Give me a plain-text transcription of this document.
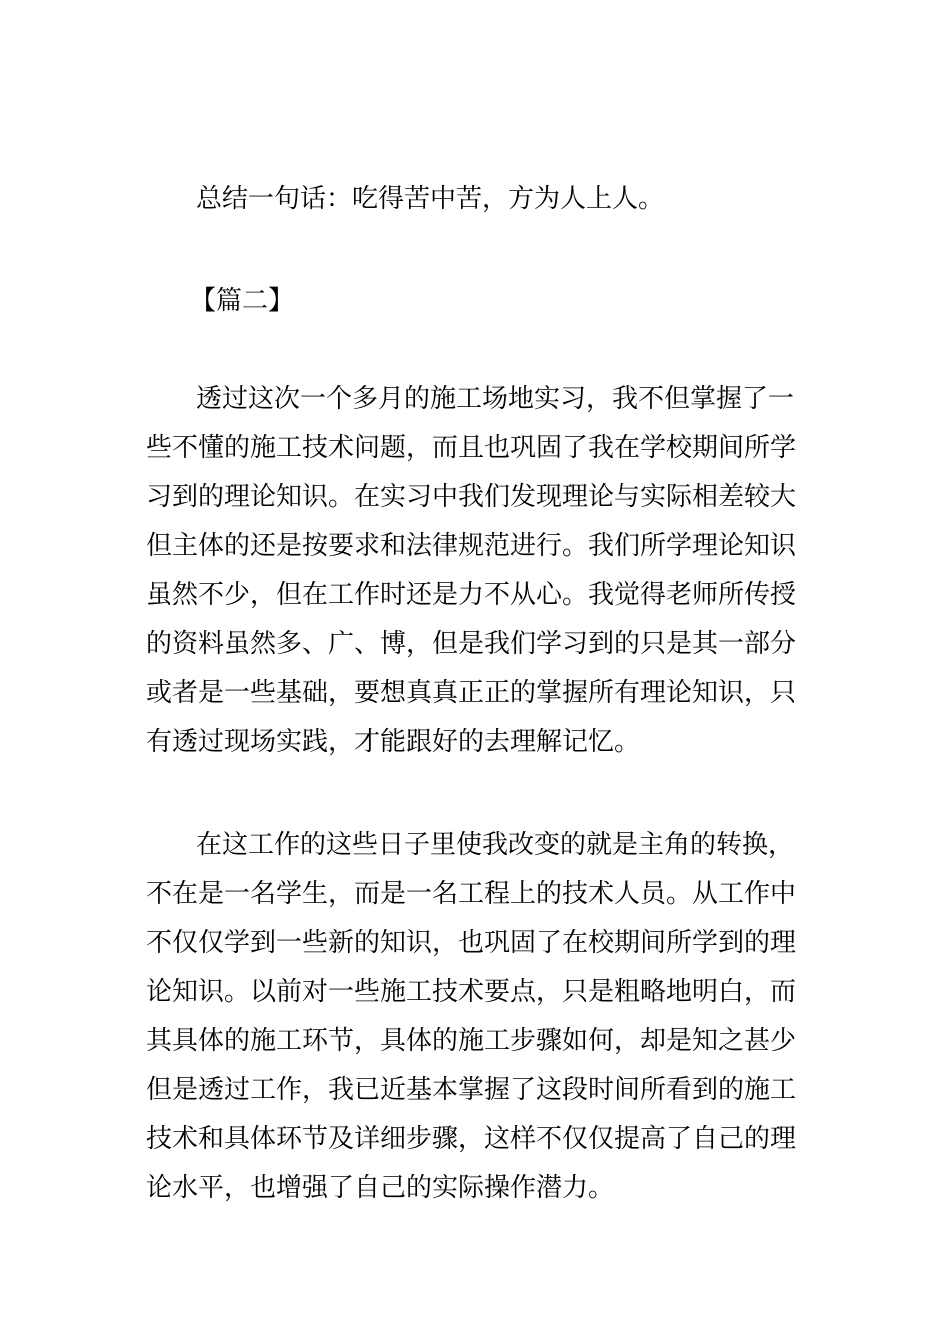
总结一句话：吃得苦中苦，方为人上人。
【篇二】
透过这次一个多月的施工场地实习，我不但掌握了一
些不懂的施工技术问题，而且也巩固了我在学校期间所学
习到的理论知识。在实习中我们发现理论与实际相差较大
但主体的还是按要求和法律规范进行。我们所学理论知识
虽然不少，但在工作时还是力不从心。我觉得老师所传授
的资料虽然多、广、博，但是我们学习到的只是其一部分
或者是一些基础，要想真真正正的掌握所有理论知识，只
有透过现场实践，才能跟好的去理解记忆。
在这工作的这些日子里使我改变的就是主角的转换，
不在是一名学生，而是一名工程上的技术人员。从工作中
不仅仅学到一些新的知识，也巩固了在校期间所学到的理
论知识。以前对一些施工技术要点，只是粗略地明白，而
其具体的施工环节，具体的施工步骤如何，却是知之甚少
但是透过工作，我已近基本掌握了这段时间所看到的施工
技术和具体环节及详细步骤，这样不仅仅提高了自己的理
论水平，也增强了自己的实际操作潜力。
